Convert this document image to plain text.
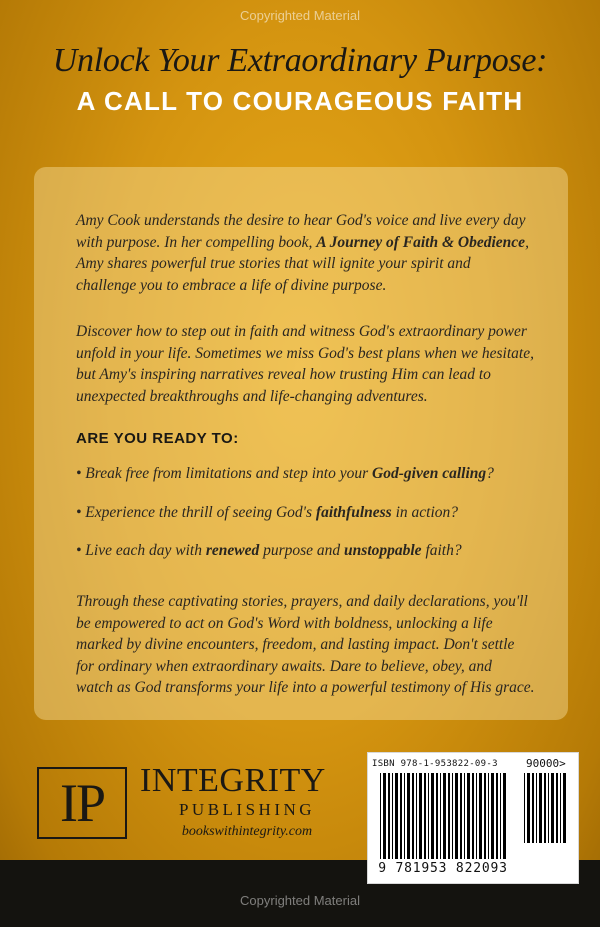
Copyrighted Material
Unlock Your Extraordinary Purpose:
A CALL TO COURAGEOUS FAITH
Amy Cook understands the desire to hear God's voice and live every day
with purpose. In her compelling book, A Journey of Faith & Obedience,
Amy shares powerful true stories that will ignite your spirit and
challenge you to embrace a life of divine purpose.
Discover how to step out in faith and witness God's extraordinary power
unfold in your life. Sometimes we miss God's best plans when we hesitate,
but Amy's inspiring narratives reveal how trusting Him can lead to
unexpected breakthroughs and life-changing adventures.
ARE YOU READY TO:
• Break free from limitations and step into your God-given calling?
• Experience the thrill of seeing God's faithfulness in action?
• Live each day with renewed purpose and unstoppable faith?
Through these captivating stories, prayers, and daily declarations, you'll
be empowered to act on God's Word with boldness, unlocking a life
marked by divine encounters, freedom, and lasting impact. Don't settle
for ordinary when extraordinary awaits. Dare to believe, obey, and
watch as God transforms your life into a powerful testimony of His grace.
IP INTEGRITY
PUBLISHING
bookswithintegrity.com
ISBN 978-1-953822-09-3	90000>
9 781953 822093
Copyrighted Material
